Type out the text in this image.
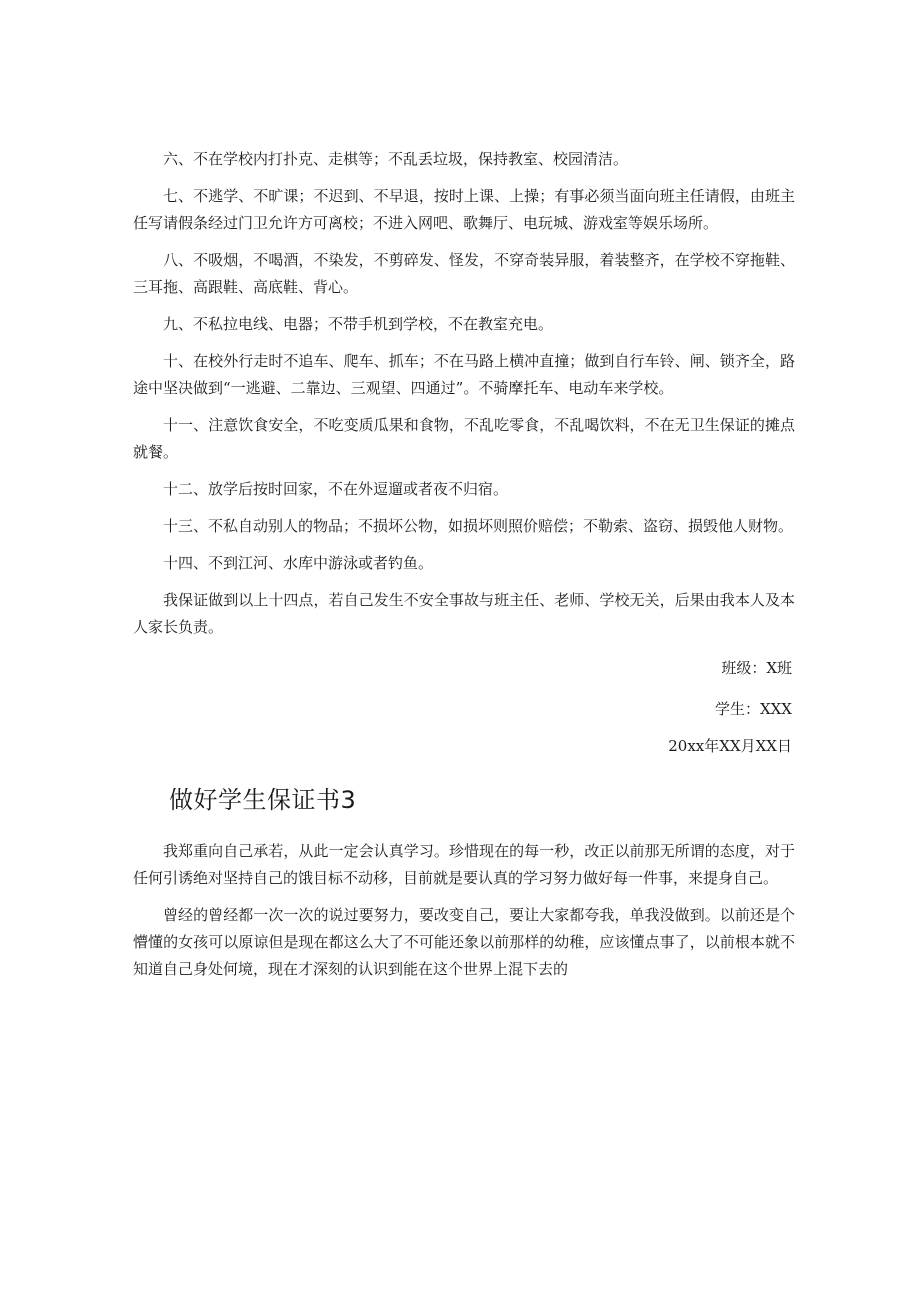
六、不在学校内打扑克、走棋等；不乱丢垃圾，保持教室、校园清洁。

七、不逃学、不旷课；不迟到、不早退，按时上课、上操；有事必须当面向班主任请假，由班主任写请假条经过门卫允许方可离校；不进入网吧、歌舞厅、电玩城、游戏室等娱乐场所。

八、不吸烟，不喝酒，不染发，不剪碎发、怪发，不穿奇装异服，着装整齐，在学校不穿拖鞋、三耳拖、高跟鞋、高底鞋、背心。

九、不私拉电线、电器；不带手机到学校，不在教室充电。

十、在校外行走时不追车、爬车、抓车；不在马路上横冲直撞；做到自行车铃、闸、锁齐全，路途中坚决做到“一逃避、二靠边、三观望、四通过”。不骑摩托车、电动车来学校。

十一、注意饮食安全，不吃变质瓜果和食物，不乱吃零食，不乱喝饮料，不在无卫生保证的摊点就餐。

十二、放学后按时回家，不在外逗遛或者夜不归宿。

十三、不私自动别人的物品；不损坏公物，如损坏则照价赔偿；不勒索、盗窃、损毁他人财物。

十四、不到江河、水库中游泳或者钓鱼。

我保证做到以上十四点，若自己发生不安全事故与班主任、老师、学校无关，后果由我本人及本人家长负责。

班级：X班

学生：XXX

20xx年XX月XX日

做好学生保证书3

我郑重向自己承若，从此一定会认真学习。珍惜现在的每一秒，改正以前那无所谓的态度，对于任何引诱绝对坚持自己的饿目标不动移，目前就是要认真的学习努力做好每一件事，来提身自己。

曾经的曾经都一次一次的说过要努力，要改变自己，要让大家都夸我，单我没做到。以前还是个懵懂的女孩可以原谅但是现在都这么大了不可能还象以前那样的幼稚，应该懂点事了，以前根本就不知道自己身处何境，现在才深刻的认识到能在这个世界上混下去的
